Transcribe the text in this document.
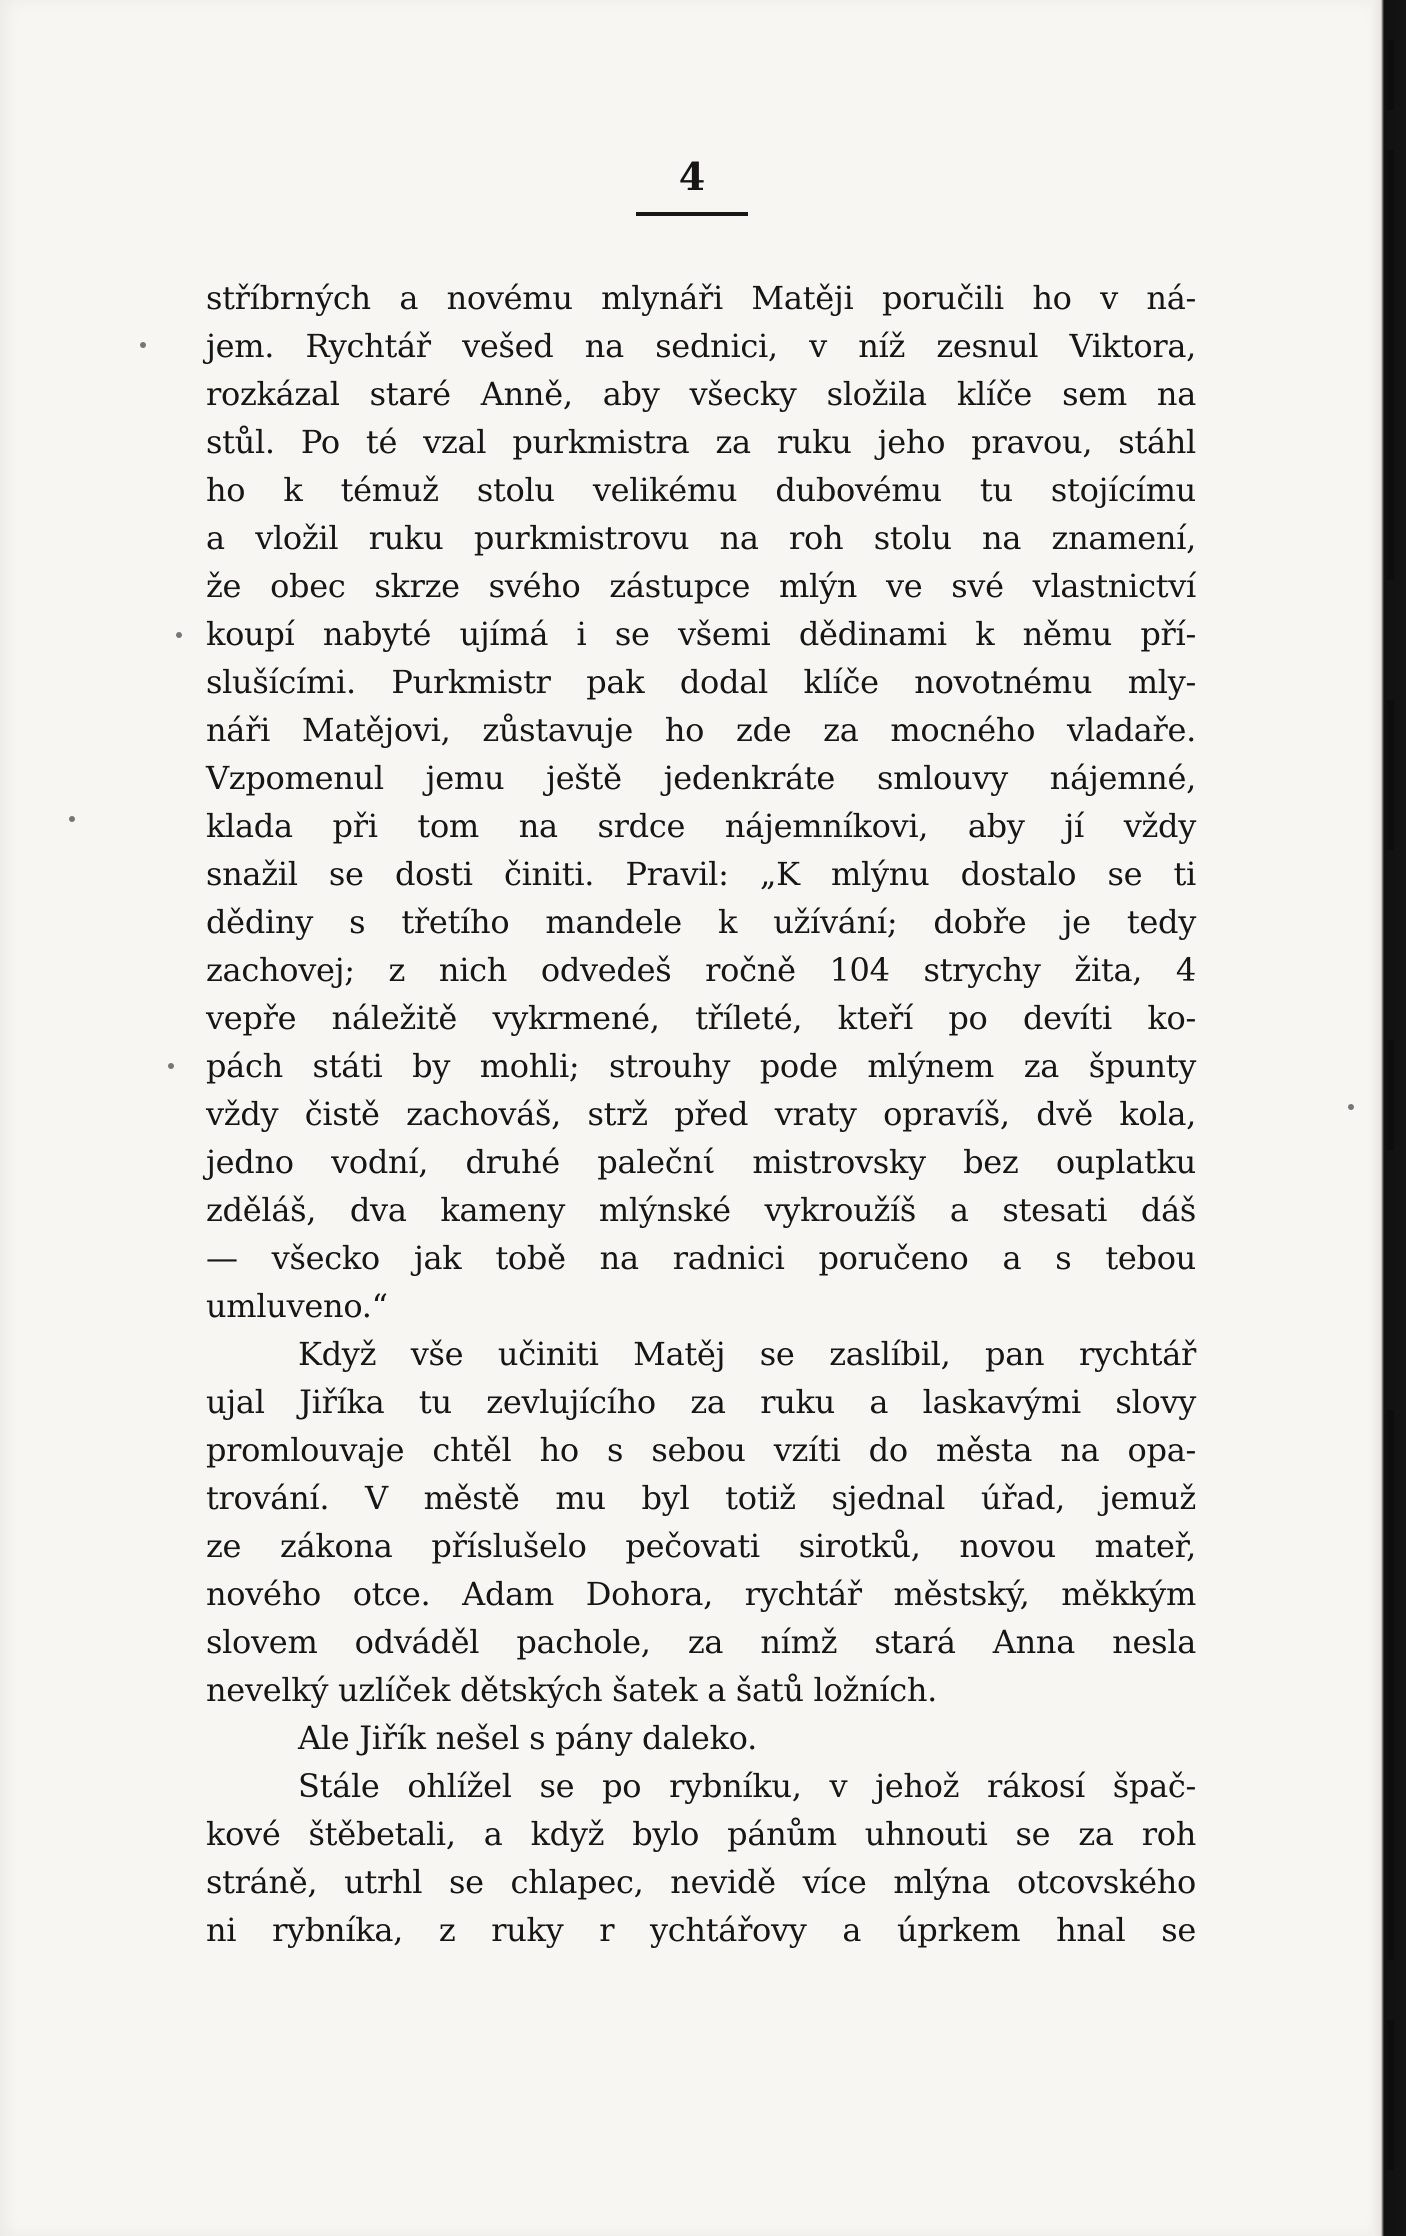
4
stříbrných a novému mlynáři Matěji poručili ho v ná-
jem. Rychtář vešed na sednici, v níž zesnul Viktora,
rozkázal staré Anně, aby všecky složila klíče sem na
stůl. Po té vzal purkmistra za ruku jeho pravou, stáhl
ho k témuž stolu velikému dubovému tu stojícímu
a vložil ruku purkmistrovu na roh stolu na znamení,
že obec skrze svého zástupce mlýn ve své vlastnictví
koupí nabyté ujímá i se všemi dědinami k němu pří-
slušícími. Purkmistr pak dodal klíče novotnému mly-
náři Matějovi, zůstavuje ho zde za mocného vladaře.
Vzpomenul jemu ještě jedenkráte smlouvy nájemné,
klada při tom na srdce nájemníkovi, aby jí vždy
snažil se dosti činiti. Pravil: „K mlýnu dostalo se ti
dědiny s třetího mandele k užívání; dobře je tedy
zachovej; z nich odvedeš ročně 104 strychy žita, 4
vepře náležitě vykrmené, tříleté, kteří po devíti ko-
pách státi by mohli; strouhy pode mlýnem za špunty
vždy čistě zachováš, strž před vraty opravíš, dvě kola,
jedno vodní, druhé palečnί mistrovsky bez ouplatku
zděláš, dva kameny mlýnské vykroužíš a stesati dáš
— všecko jak tobě na radnici poručeno a s tebou
umluveno.“
Když vše učiniti Matěj se zaslíbil, pan rychtář
ujal Jiříka tu zevlujícího za ruku a laskavými slovy
promlouvaje chtěl ho s sebou vzíti do města na opa-
trování. V městě mu byl totiž sjednal úřad, jemuž
ze zákona příslušelo pečovati sirotků, novou mateř,
nového otce. Adam Dohora, rychtář městský, měkkým
slovem odváděl pachole, za nímž stará Anna nesla
nevelký uzlíček dětských šatek a šatů ložních.
Ale Jiřík nešel s pány daleko.
Stále ohlížel se po rybníku, v jehož rákosí špač-
kové štěbetali, a když bylo pánům uhnouti se za roh
stráně, utrhl se chlapec, nevidě více mlýna otcovského
ni rybníka, z ruky r ychtářovy a úprkem hnal se
